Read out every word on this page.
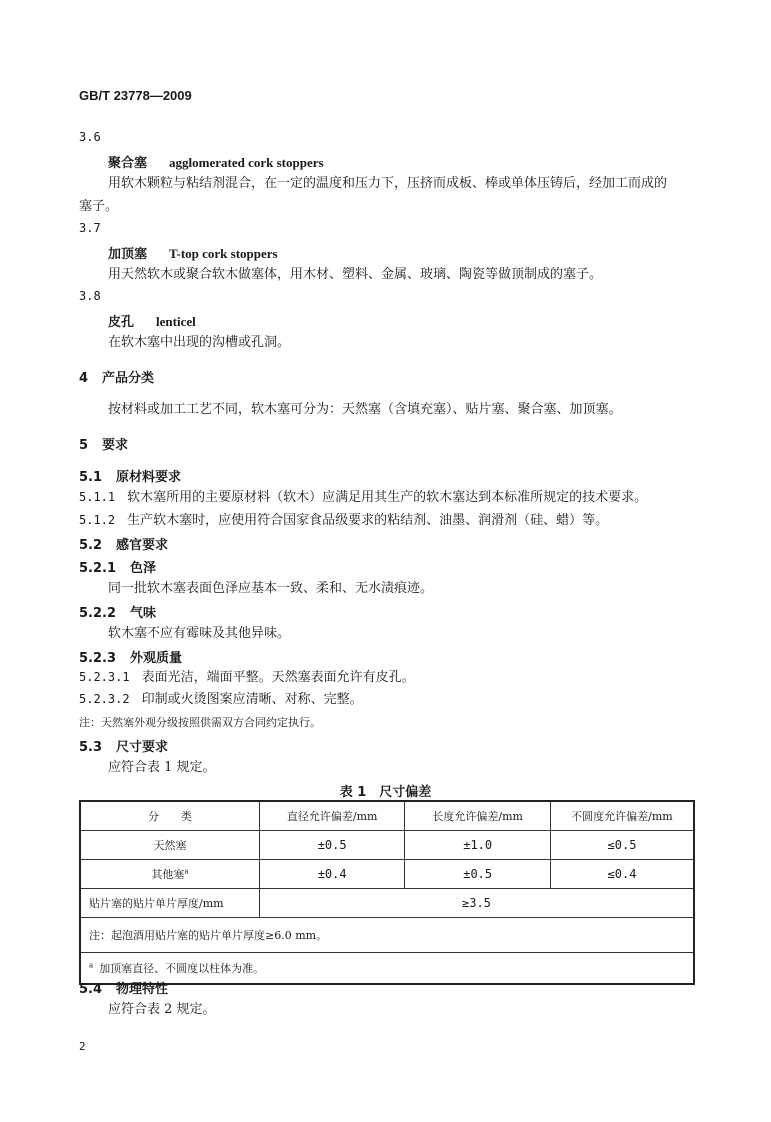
GB/T 23778—2009
3.6
聚合塞 agglomerated cork stoppers
用软木颗粒与粘结剂混合，在一定的温度和压力下，压挤而成板、棒或单体压铸后，经加工而成的
塞子。
3.7
加顶塞 T-top cork stoppers
用天然软木或聚合软木做塞体，用木材、塑料、金属、玻璃、陶瓷等做顶制成的塞子。
3.8
皮孔 lenticel
在软木塞中出现的沟槽或孔洞。
4 产品分类
按材料或加工工艺不同，软木塞可分为：天然塞（含填充塞）、贴片塞、聚合塞、加顶塞。
5 要求
5.1 原材料要求
5.1.1 软木塞所用的主要原材料（软木）应满足用其生产的软木塞达到本标准所规定的技术要求。
5.1.2 生产软木塞时，应使用符合国家食品级要求的粘结剂、油墨、润滑剂（硅、蜡）等。
5.2 感官要求
5.2.1 色泽
同一批软木塞表面色泽应基本一致、柔和、无水渍痕迹。
5.2.2 气味
软木塞不应有霉味及其他异味。
5.2.3 外观质量
5.2.3.1 表面光洁，端面平整。天然塞表面允许有皮孔。
5.2.3.2 印制或火烫图案应清晰、对称、完整。
注：天然塞外观分级按照供需双方合同约定执行。
5.3 尺寸要求
应符合表 1 规定。
表 1　尺寸偏差
分　　类	直径允许偏差/mm	长度允许偏差/mm	不圆度允许偏差/mm
天然塞	±0.5	±1.0	≤0.5
其他塞$^a$	±0.4	±0.5	≤0.4
贴片塞的贴片单片厚度/mm	≥3.5		
注：起泡酒用贴片塞的贴片单片厚度≥6.0 mm。			
$^a$ 加顶塞直径、不圆度以柱体为准。			
5.4 物理特性
应符合表 2 规定。
2
